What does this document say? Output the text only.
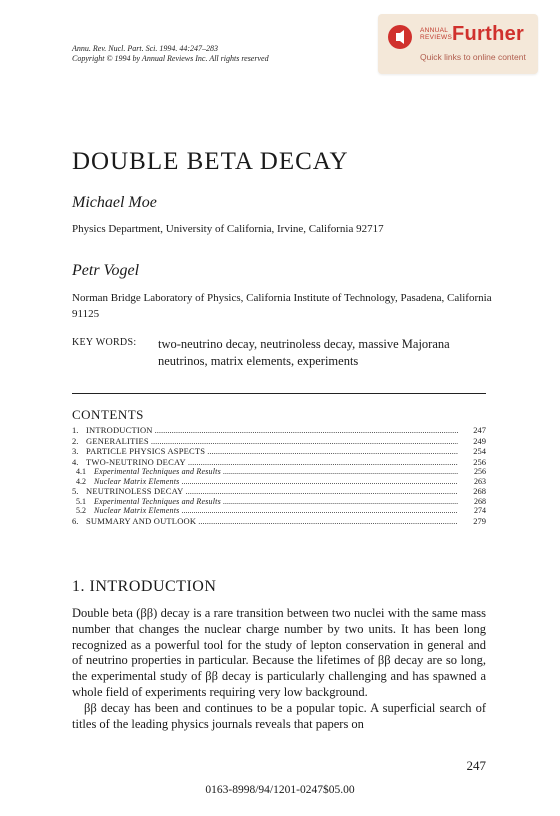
Annu. Rev. Nucl. Part. Sci. 1994. 44:247–283
Copyright © 1994 by Annual Reviews Inc. All rights reserved
ANNUAL
REVIEWS Further
Quick links to online content
DOUBLE BETA DECAY
Michael Moe
Physics Department, University of California, Irvine, California 92717
Petr Vogel
Norman Bridge Laboratory of Physics, California Institute of Technology, Pasadena, California 91125
KEY WORDS: two-neutrino decay, neutrinoless decay, massive Majorana neutrinos, matrix elements, experiments
CONTENTS
1. INTRODUCTION .....	247
2. GENERALITIES .....	249
3. PARTICLE PHYSICS ASPECTS .....	254
4. TWO-NEUTRINO DECAY .....	256
4.1	Experimental Techniques and Results .....	256
4.2	Nuclear Matrix Elements .....	263
5. NEUTRINOLESS DECAY .....	268
5.1	Experimental Techniques and Results .....	268
5.2	Nuclear Matrix Elements .....	274
6. SUMMARY AND OUTLOOK .....	279
1. INTRODUCTION

Double beta (ββ) decay is a rare transition between two nuclei with the same mass number that changes the nuclear charge number by two units. It has been long recognized as a powerful tool for the study of lepton conservation in general and of neutrino properties in particular. Because the lifetimes of ββ decay are so long, the experimental study of ββ decay is particularly challenging and has spawned a whole field of experiments requiring very low background.

ββ decay has been and continues to be a popular topic. A superficial search of titles of the leading physics journals reveals that papers on

247
0163-8998/94/1201-0247$05.00
